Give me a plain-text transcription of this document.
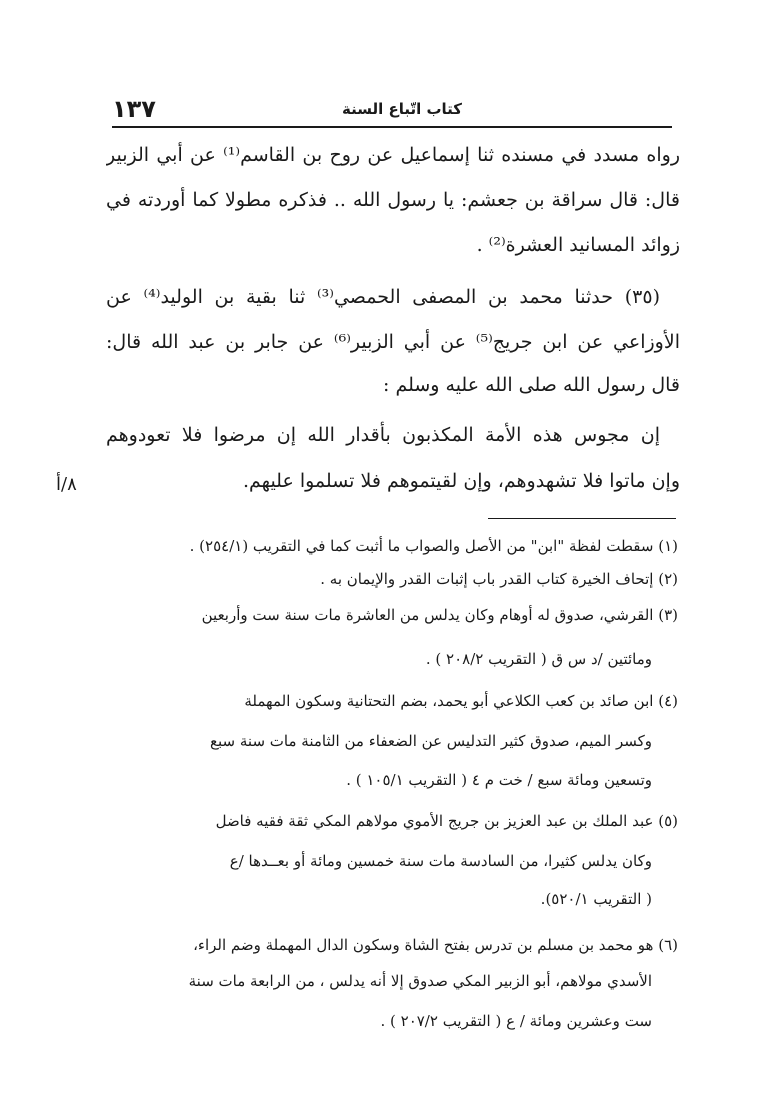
١٣٧	كتاب اتّباع السنة
رواه مسدد في مسنده ثنا إسماعيل عن روح بن القاسم⁽¹⁾ عن أبي الزبير
قال: قال سراقة بن جعشم: يا رسول الله .. فذكره مطولا كما أوردته في
زوائد المسانيد العشرة⁽²⁾ .
(٣٥) حدثنا محمد بن المصفى الحمصي⁽³⁾ ثنا بقية بن الوليد⁽⁴⁾ عن
الأوزاعي عن ابن جريج⁽⁵⁾ عن أبي الزبير⁽⁶⁾ عن جابر بن عبد الله قال:
قال رسول الله صلى الله عليه وسلم :
إن مجوس هذه الأمة المكذبون بأقدار الله إن مرضوا فلا تعودوهم
وإن ماتوا فلا تشهدوهم، وإن لقيتموهم فلا تسلموا عليهم.
٨/أ
(١) سقطت لفظة "ابن" من الأصل والصواب ما أثبت كما في التقريب (٢٥٤/١) .
(٢) إتحاف الخيرة كتاب القدر باب إثبات القدر والإيمان به .
(٣) القرشي، صدوق له أوهام وكان يدلس من العاشرة مات سنة ست وأربعين
ومائتين /د س ق ( التقريب ٢٠٨/٢ ) .
(٤) ابن صائد بن كعب الكلاعي أبو يحمد، بضم التحتانية وسكون المهملة
وكسر الميم، صدوق كثير التدليس عن الضعفاء من الثامنة مات سنة سبع
وتسعين ومائة سبع / خت م ٤ ( التقريب ١٠٥/١ ) .
(٥) عبد الملك بن عبد العزيز بن جريج الأموي مولاهم المكي ثقة فقيه فاضل
وكان يدلس كثيرا، من السادسة مات سنة خمسين ومائة أو بعــدها /ع
( التقريب ٥٢٠/١).
(٦) هو محمد بن مسلم بن تدرس بفتح الشاة وسكون الدال المهملة وضم الراء،
الأسدي مولاهم، أبو الزبير المكي صدوق إلا أنه يدلس ، من الرابعة مات سنة
ست وعشرين ومائة / ع ( التقريب ٢٠٧/٢ ) .
